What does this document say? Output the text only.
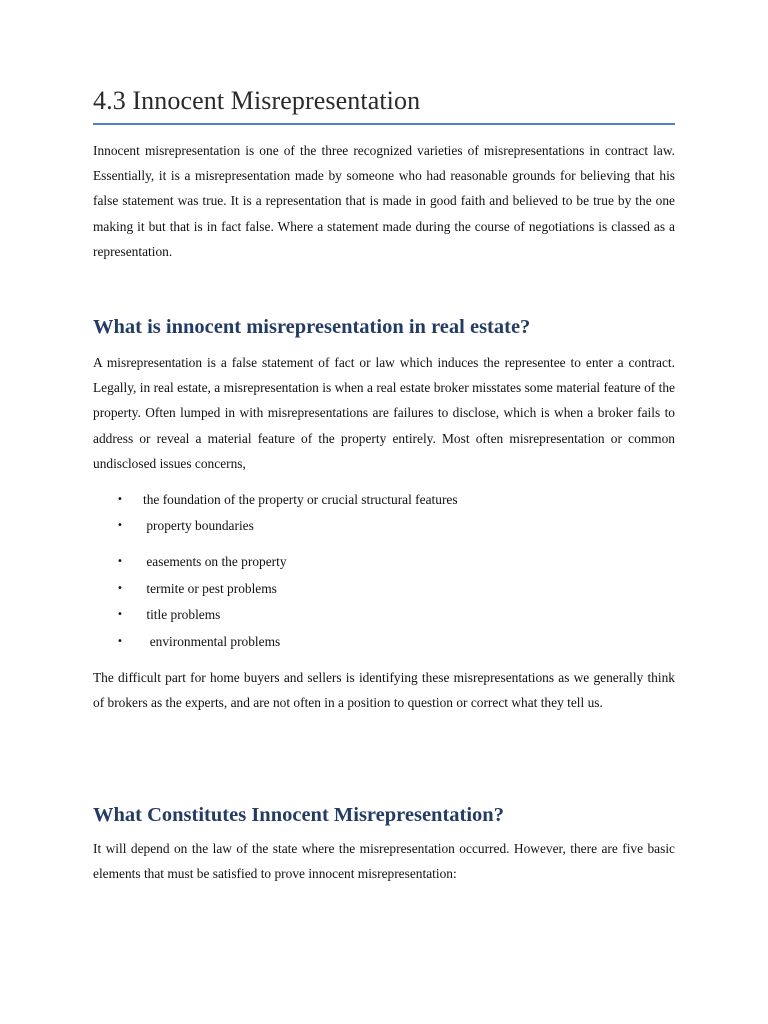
4.3 Innocent Misrepresentation

Innocent misrepresentation is one of the three recognized varieties of misrepresentations in contract law. Essentially, it is a misrepresentation made by someone who had reasonable grounds for believing that his false statement was true. It is a representation that is made in good faith and believed to be true by the one making it but that is in fact false. Where a statement made during the course of negotiations is classed as a representation.

What is innocent misrepresentation in real estate?

A misrepresentation is a false statement of fact or law which induces the representee to enter a contract. Legally, in real estate, a misrepresentation is when a real estate broker misstates some material feature of the property. Often lumped in with misrepresentations are failures to disclose, which is when a broker fails to address or reveal a material feature of the property entirely. Most often misrepresentation or common undisclosed issues concerns,

• the foundation of the property or crucial structural features
• property boundaries
• easements on the property
• termite or pest problems
• title problems
•  environmental problems

The difficult part for home buyers and sellers is identifying these misrepresentations as we generally think of brokers as the experts, and are not often in a position to question or correct what they tell us.

What Constitutes Innocent Misrepresentation?

It will depend on the law of the state where the misrepresentation occurred. However, there are five basic elements that must be satisfied to prove innocent misrepresentation:
